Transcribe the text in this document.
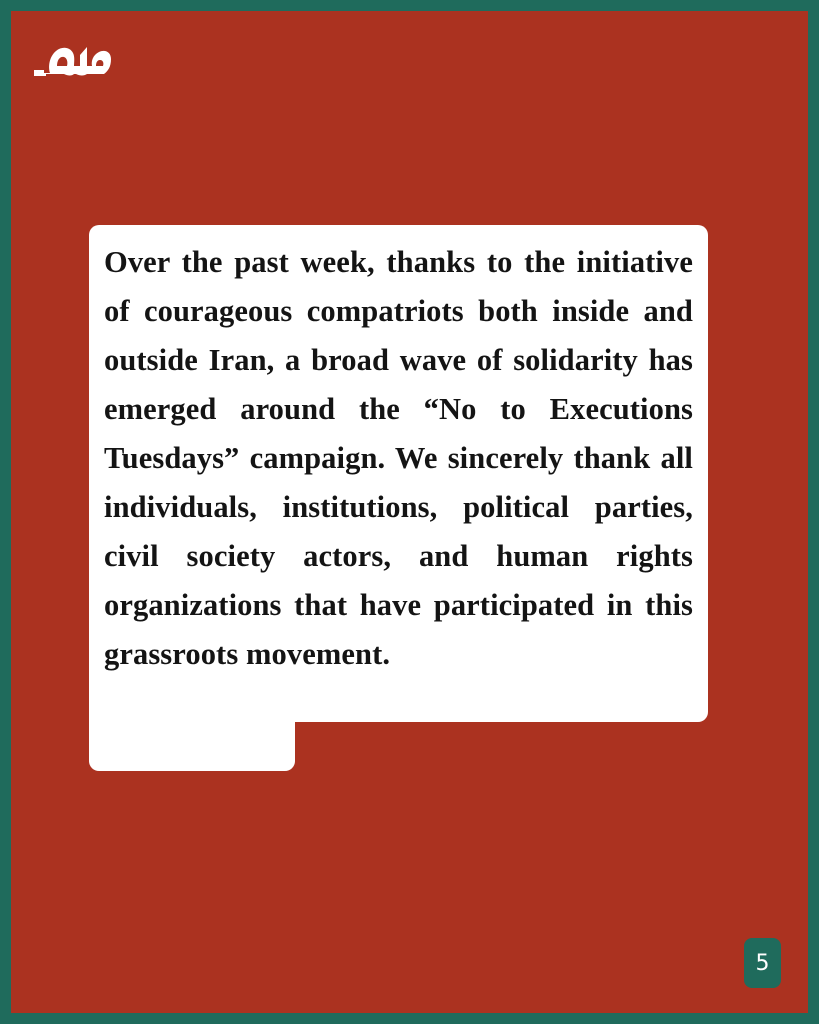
Over the past week, thanks to the initiative of courageous compatriots both inside and outside Iran, a broad wave of solidarity has emerged around the “No to Executions Tuesdays” campaign. We sincerely thank all individuals, institutions, political parties, civil society actors, and human rights organizations that have participated in this grassroots movement.

5
